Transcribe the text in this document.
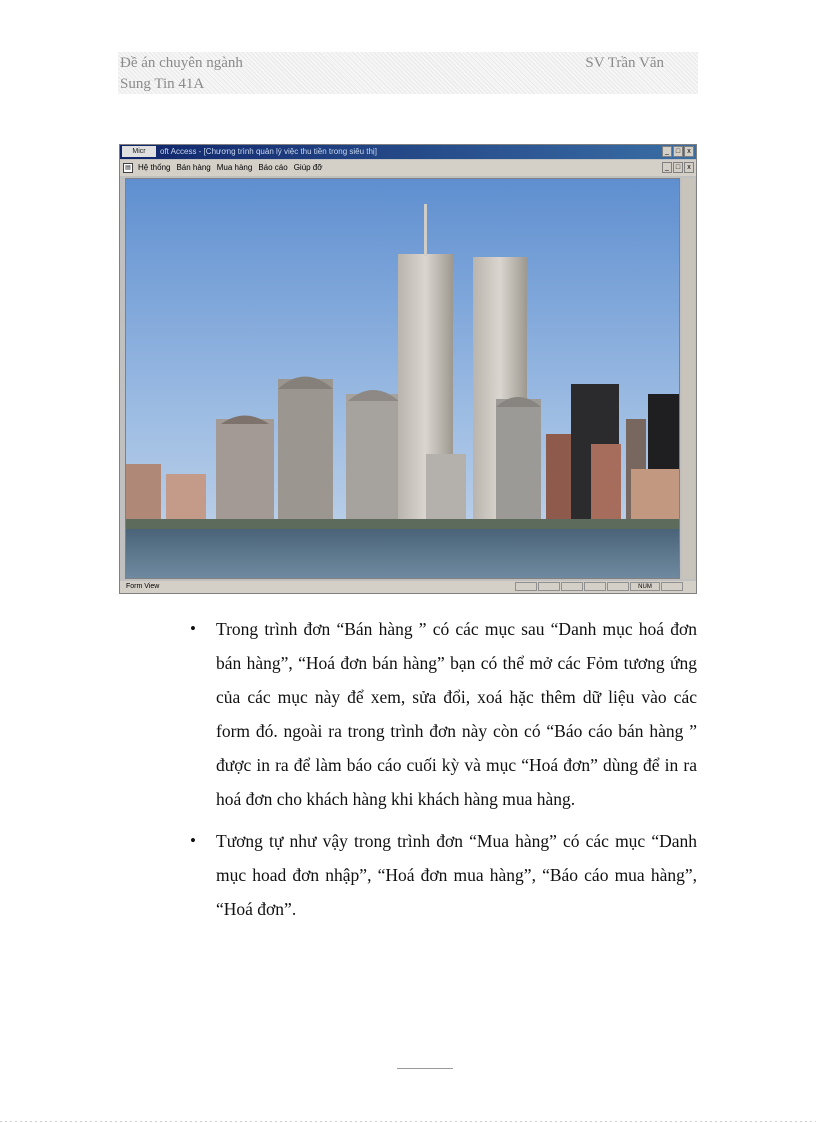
Đề án chuyên ngành	SV Trần Văn
Sung Tin 41A
Micr	oft Access - [Chương trình quản lý việc thu tiền trong siêu thị]	_ □	x
▤ Hệ thống Bán hàng Mua hàng Báo cáo Giúp đỡ	_ □	x
Form View	NUM
• Trong trình đơn “Bán hàng ” có các mục sau “Danh mục hoá đơn bán hàng”, “Hoá đơn bán hàng” bạn có thể mở các Fỏm tương ứng của các mục này để xem, sửa đổi, xoá hặc thêm dữ liệu vào các form đó. ngoài ra trong trình đơn này còn có “Báo cáo bán hàng ” được in ra để làm báo cáo cuối kỳ và mục “Hoá đơn” dùng để in ra hoá đơn cho khách hàng khi khách hàng mua hàng.
• Tương tự như vậy trong trình đơn “Mua hàng” có các mục “Danh mục hoad đơn nhập”, “Hoá đơn mua hàng”, “Báo cáo mua hàng”, “Hoá đơn”.
